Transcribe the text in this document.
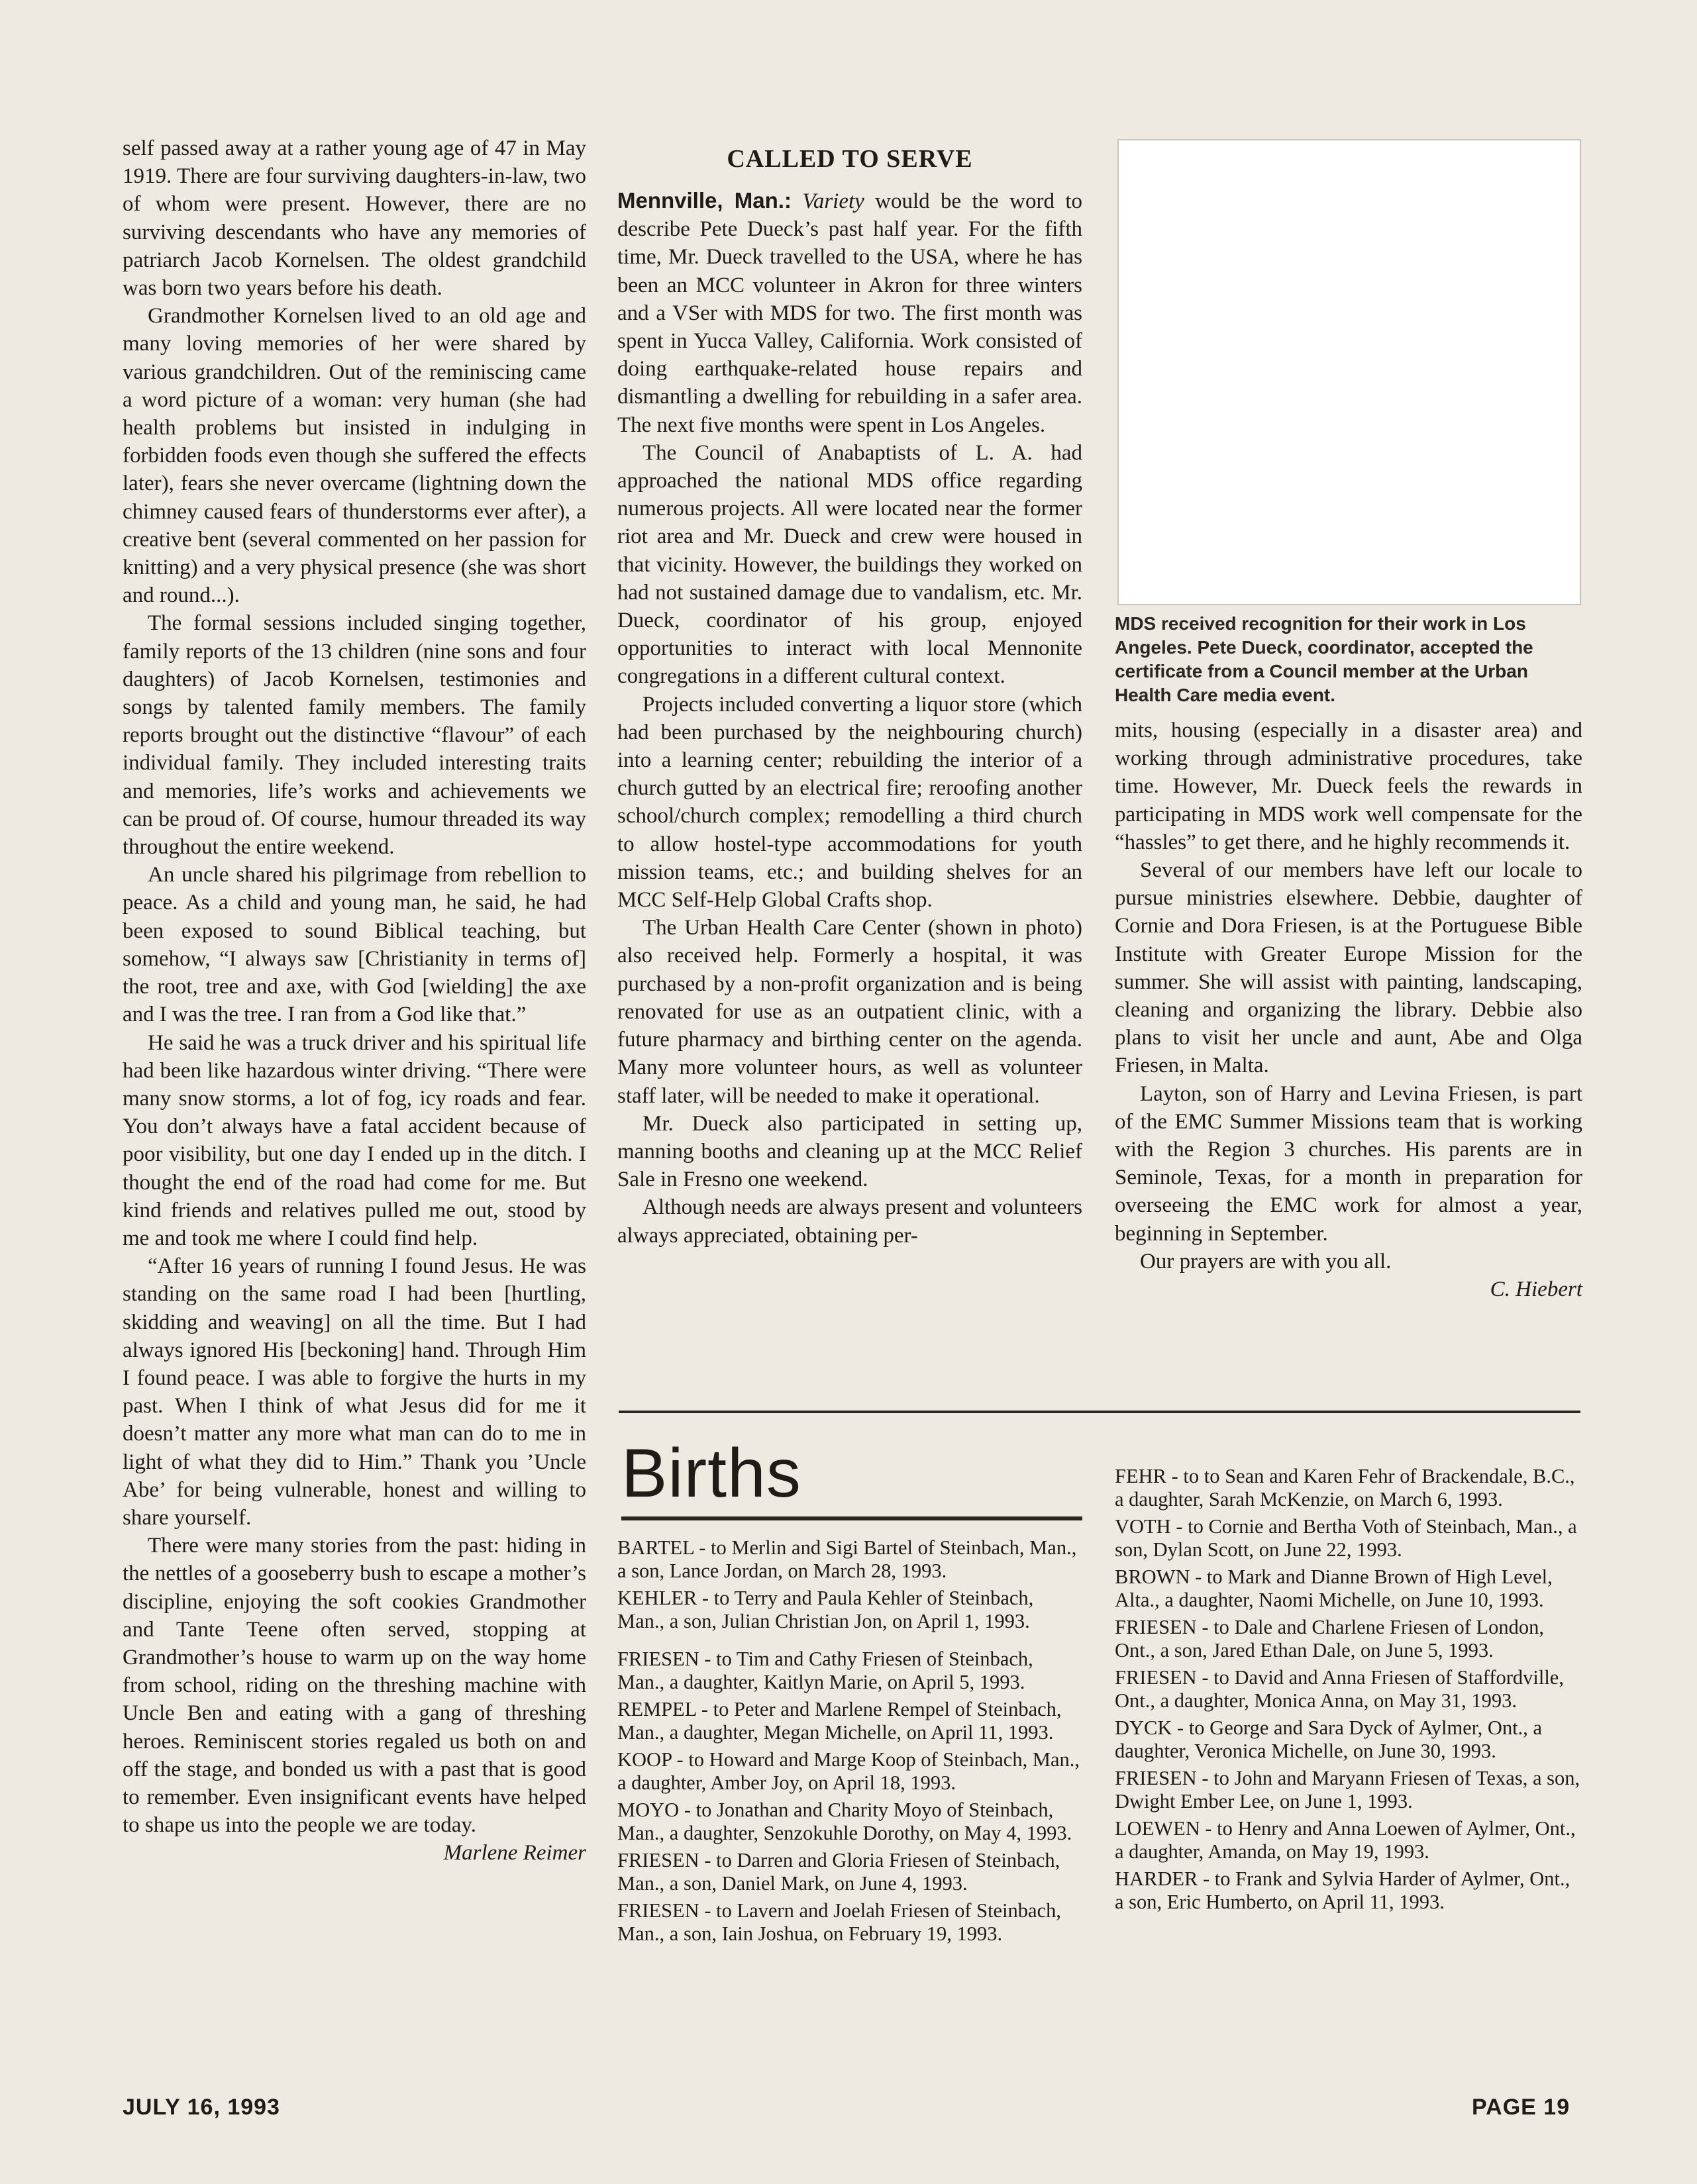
self passed away at a rather young age of 47 in May 1919. There are four surviving daughters-in-law, two of whom were present. However, there are no surviving descendants who have any memories of patriarch Jacob Kornelsen. The oldest grandchild was born two years before his death.

Grandmother Kornelsen lived to an old age and many loving memories of her were shared by various grandchildren. Out of the reminiscing came a word picture of a woman: very human (she had health problems but insisted in indulging in forbidden foods even though she suffered the effects later), fears she never overcame (lightning down the chimney caused fears of thunderstorms ever after), a creative bent (several commented on her passion for knitting) and a very physical presence (she was short and round...).

The formal sessions included singing together, family reports of the 13 children (nine sons and four daughters) of Jacob Kornelsen, testimonies and songs by talented family members. The family reports brought out the distinctive “flavour” of each individual family. They included interesting traits and memories, life’s works and achievements we can be proud of. Of course, humour threaded its way throughout the entire weekend.

An uncle shared his pilgrimage from rebellion to peace. As a child and young man, he said, he had been exposed to sound Biblical teaching, but somehow, “I always saw [Christianity in terms of] the root, tree and axe, with God [wielding] the axe and I was the tree. I ran from a God like that.”

He said he was a truck driver and his spiritual life had been like hazardous winter driving. “There were many snow storms, a lot of fog, icy roads and fear. You don’t always have a fatal accident because of poor visibility, but one day I ended up in the ditch. I thought the end of the road had come for me. But kind friends and relatives pulled me out, stood by me and took me where I could find help.

“After 16 years of running I found Jesus. He was standing on the same road I had been [hurtling, skidding and weaving] on all the time. But I had always ignored His [beckoning] hand. Through Him I found peace. I was able to forgive the hurts in my past. When I think of what Jesus did for me it doesn’t matter any more what man can do to me in light of what they did to Him.” Thank you ’Uncle Abe’ for being vulnerable, honest and willing to share yourself.

There were many stories from the past: hiding in the nettles of a gooseberry bush to escape a mother’s discipline, enjoying the soft cookies Grandmother and Tante Teene often served, stopping at Grandmother’s house to warm up on the way home from school, riding on the threshing machine with Uncle Ben and eating with a gang of threshing heroes. Reminiscent stories regaled us both on and off the stage, and bonded us with a past that is good to remember. Even insignificant events have helped to shape us into the people we are today.

Marlene Reimer

CALLED TO SERVE

Mennville, Man.: Variety would be the word to describe Pete Dueck’s past half year. For the fifth time, Mr. Dueck travelled to the USA, where he has been an MCC volunteer in Akron for three winters and a VSer with MDS for two. The first month was spent in Yucca Valley, California. Work consisted of doing earthquake-related house repairs and dismantling a dwelling for rebuilding in a safer area. The next five months were spent in Los Angeles.

The Council of Anabaptists of L. A. had approached the national MDS office regarding numerous projects. All were located near the former riot area and Mr. Dueck and crew were housed in that vicinity. However, the buildings they worked on had not sustained damage due to vandalism, etc. Mr. Dueck, coordinator of his group, enjoyed opportunities to interact with local Mennonite congregations in a different cultural context.

Projects included converting a liquor store (which had been purchased by the neighbouring church) into a learning center; rebuilding the interior of a church gutted by an electrical fire; reroofing another school/church complex; remodelling a third church to allow hostel-type accommodations for youth mission teams, etc.; and building shelves for an MCC Self-Help Global Crafts shop.

The Urban Health Care Center (shown in photo) also received help. Formerly a hospital, it was purchased by a non-profit organization and is being renovated for use as an outpatient clinic, with a future pharmacy and birthing center on the agenda. Many more volunteer hours, as well as volunteer staff later, will be needed to make it operational.

Mr. Dueck also participated in setting up, manning booths and cleaning up at the MCC Relief Sale in Fresno one weekend.

Although needs are always present and volunteers always appreciated, obtaining per-

MDS received recognition for their work in Los Angeles. Pete Dueck, coordinator, accepted the certificate from a Council member at the Urban Health Care media event.

mits, housing (especially in a disaster area) and working through administrative procedures, take time. However, Mr. Dueck feels the rewards in participating in MDS work well compensate for the “hassles” to get there, and he highly recommends it.

Several of our members have left our locale to pursue ministries elsewhere. Debbie, daughter of Cornie and Dora Friesen, is at the Portuguese Bible Institute with Greater Europe Mission for the summer. She will assist with painting, landscaping, cleaning and organizing the library. Debbie also plans to visit her uncle and aunt, Abe and Olga Friesen, in Malta.

Layton, son of Harry and Levina Friesen, is part of the EMC Summer Missions team that is working with the Region 3 churches. His parents are in Seminole, Texas, for a month in preparation for overseeing the EMC work for almost a year, beginning in September.

Our prayers are with you all.

C. Hiebert

Births

BARTEL - to Merlin and Sigi Bartel of Steinbach, Man., a son, Lance Jordan, on March 28, 1993.

KEHLER - to Terry and Paula Kehler of Steinbach, Man., a son, Julian Christian Jon, on April 1, 1993.

FRIESEN - to Tim and Cathy Friesen of Steinbach, Man., a daughter, Kaitlyn Marie, on April 5, 1993.

REMPEL - to Peter and Marlene Rempel of Steinbach, Man., a daughter, Megan Michelle, on April 11, 1993.

KOOP - to Howard and Marge Koop of Steinbach, Man., a daughter, Amber Joy, on April 18, 1993.

MOYO - to Jonathan and Charity Moyo of Steinbach, Man., a daughter, Senzokuhle Dorothy, on May 4, 1993.

FRIESEN - to Darren and Gloria Friesen of Steinbach, Man., a son, Daniel Mark, on June 4, 1993.

FRIESEN - to Lavern and Joelah Friesen of Steinbach, Man., a son, Iain Joshua, on February 19, 1993.

FEHR - to to Sean and Karen Fehr of Brackendale, B.C., a daughter, Sarah McKenzie, on March 6, 1993.

VOTH - to Cornie and Bertha Voth of Steinbach, Man., a son, Dylan Scott, on June 22, 1993.

BROWN - to Mark and Dianne Brown of High Level, Alta., a daughter, Naomi Michelle, on June 10, 1993.

FRIESEN - to Dale and Charlene Friesen of London, Ont., a son, Jared Ethan Dale, on June 5, 1993.

FRIESEN - to David and Anna Friesen of Staffordville, Ont., a daughter, Monica Anna, on May 31, 1993.

DYCK - to George and Sara Dyck of Aylmer, Ont., a daughter, Veronica Michelle, on June 30, 1993.

FRIESEN - to John and Maryann Friesen of Texas, a son, Dwight Ember Lee, on June 1, 1993.

LOEWEN - to Henry and Anna Loewen of Aylmer, Ont., a daughter, Amanda, on May 19, 1993.

HARDER - to Frank and Sylvia Harder of Aylmer, Ont., a son, Eric Humberto, on April 11, 1993.

JULY 16, 1993	PAGE 19
